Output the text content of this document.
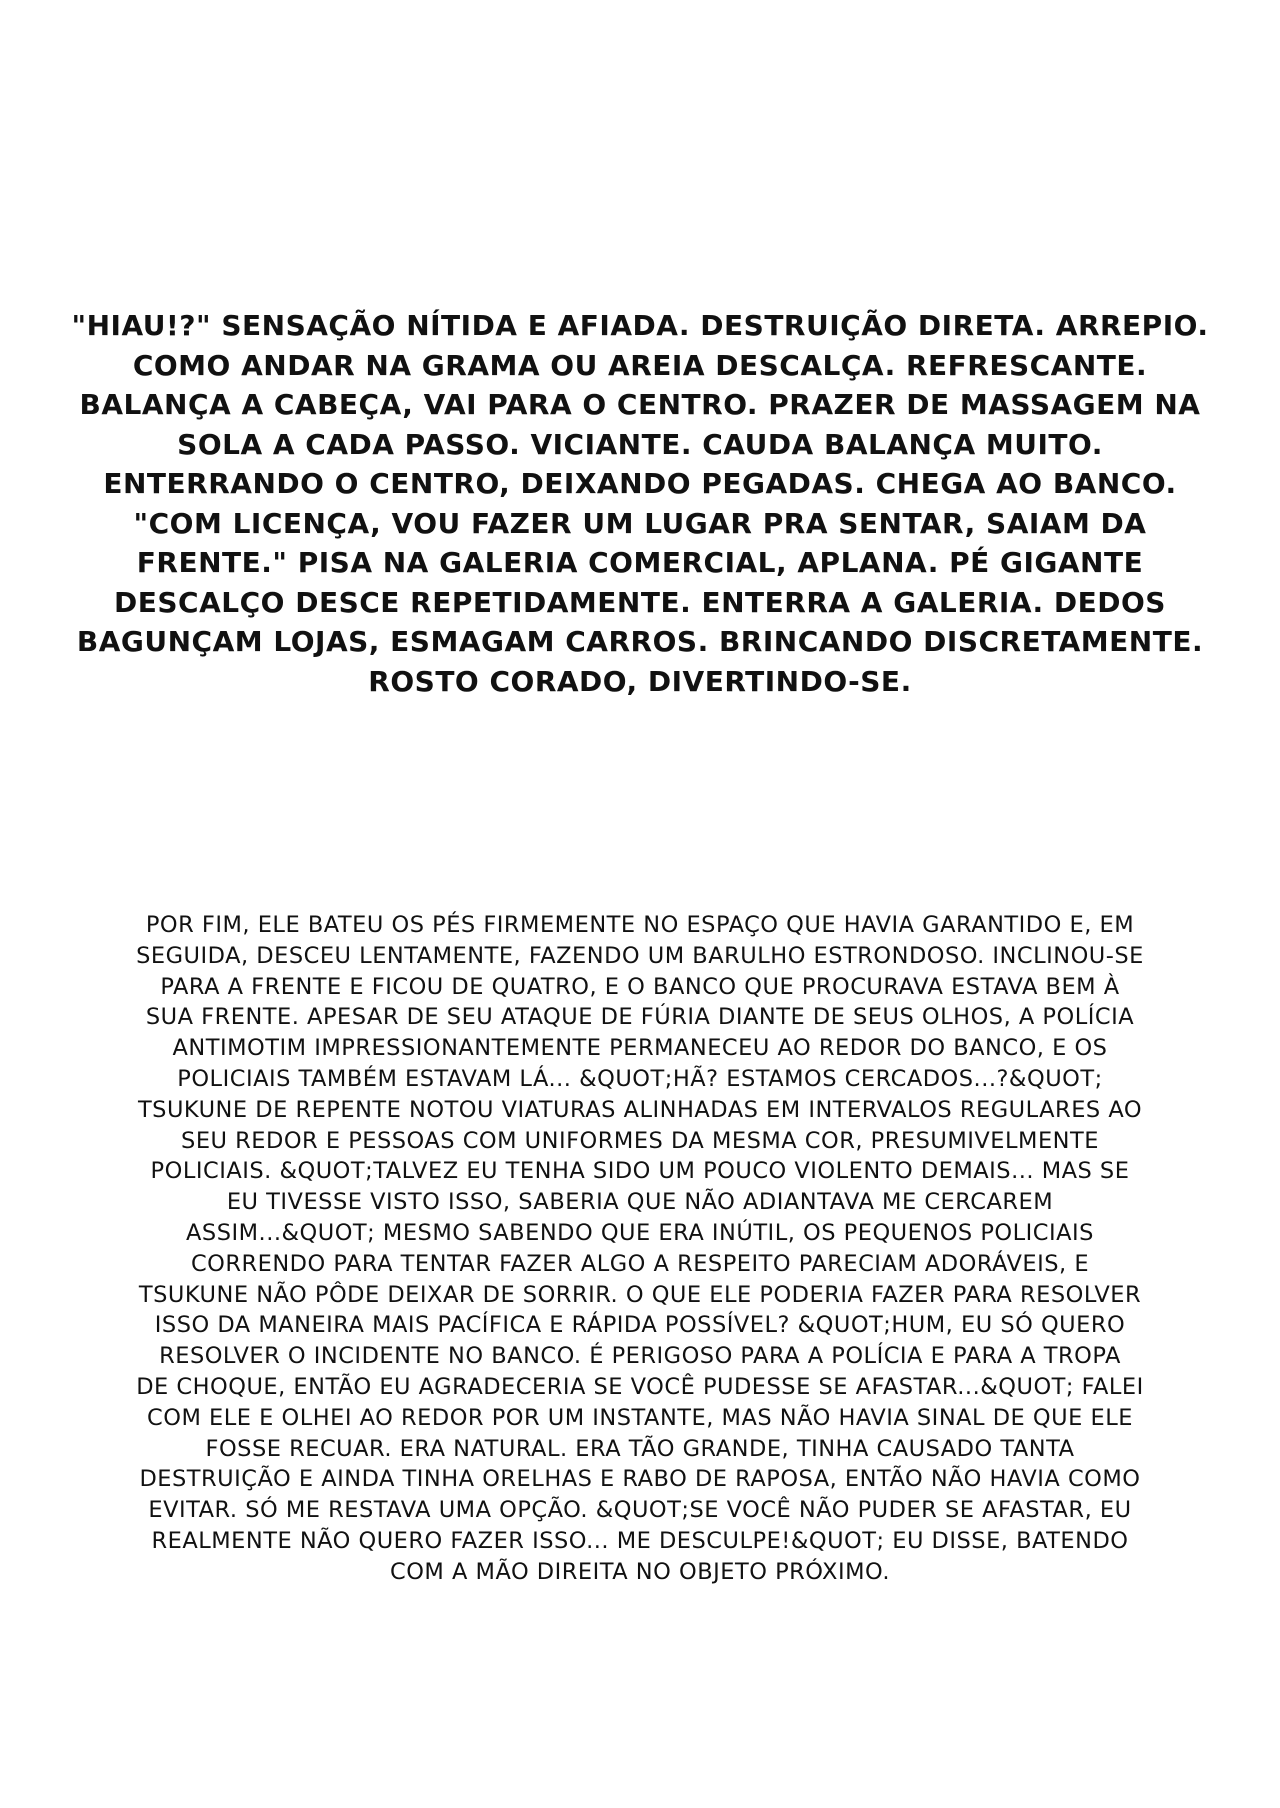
"HIAU!?" SENSAÇÃO NÍTIDA E AFIADA. DESTRUIÇÃO DIRETA. ARREPIO.
COMO ANDAR NA GRAMA OU AREIA DESCALÇA. REFRESCANTE.
BALANÇA A CABEÇA, VAI PARA O CENTRO. PRAZER DE MASSAGEM NA
SOLA A CADA PASSO. VICIANTE. CAUDA BALANÇA MUITO.
ENTERRANDO O CENTRO, DEIXANDO PEGADAS. CHEGA AO BANCO.
"COM LICENÇA, VOU FAZER UM LUGAR PRA SENTAR, SAIAM DA
FRENTE." PISA NA GALERIA COMERCIAL, APLANA. PÉ GIGANTE
DESCALÇO DESCE REPETIDAMENTE. ENTERRA A GALERIA. DEDOS
BAGUNÇAM LOJAS, ESMAGAM CARROS. BRINCANDO DISCRETAMENTE.
ROSTO CORADO, DIVERTINDO-SE.
POR FIM, ELE BATEU OS PÉS FIRMEMENTE NO ESPAÇO QUE HAVIA GARANTIDO E, EM
SEGUIDA, DESCEU LENTAMENTE, FAZENDO UM BARULHO ESTRONDOSO. INCLINOU-SE
PARA A FRENTE E FICOU DE QUATRO, E O BANCO QUE PROCURAVA ESTAVA BEM À
SUA FRENTE. APESAR DE SEU ATAQUE DE FÚRIA DIANTE DE SEUS OLHOS, A POLÍCIA
ANTIMOTIM IMPRESSIONANTEMENTE PERMANECEU AO REDOR DO BANCO, E OS
POLICIAIS TAMBÉM ESTAVAM LÁ... &QUOT;HÃ? ESTAMOS CERCADOS...?&QUOT;
TSUKUNE DE REPENTE NOTOU VIATURAS ALINHADAS EM INTERVALOS REGULARES AO
SEU REDOR E PESSOAS COM UNIFORMES DA MESMA COR, PRESUMIVELMENTE
POLICIAIS. &QUOT;TALVEZ EU TENHA SIDO UM POUCO VIOLENTO DEMAIS... MAS SE
EU TIVESSE VISTO ISSO, SABERIA QUE NÃO ADIANTAVA ME CERCAREM
ASSIM...&QUOT; MESMO SABENDO QUE ERA INÚTIL, OS PEQUENOS POLICIAIS
CORRENDO PARA TENTAR FAZER ALGO A RESPEITO PARECIAM ADORÁVEIS, E
TSUKUNE NÃO PÔDE DEIXAR DE SORRIR. O QUE ELE PODERIA FAZER PARA RESOLVER
ISSO DA MANEIRA MAIS PACÍFICA E RÁPIDA POSSÍVEL? &QUOT;HUM, EU SÓ QUERO
RESOLVER O INCIDENTE NO BANCO. É PERIGOSO PARA A POLÍCIA E PARA A TROPA
DE CHOQUE, ENTÃO EU AGRADECERIA SE VOCÊ PUDESSE SE AFASTAR...&QUOT; FALEI
COM ELE E OLHEI AO REDOR POR UM INSTANTE, MAS NÃO HAVIA SINAL DE QUE ELE
FOSSE RECUAR. ERA NATURAL. ERA TÃO GRANDE, TINHA CAUSADO TANTA
DESTRUIÇÃO E AINDA TINHA ORELHAS E RABO DE RAPOSA, ENTÃO NÃO HAVIA COMO
EVITAR. SÓ ME RESTAVA UMA OPÇÃO. &QUOT;SE VOCÊ NÃO PUDER SE AFASTAR, EU
REALMENTE NÃO QUERO FAZER ISSO... ME DESCULPE!&QUOT; EU DISSE, BATENDO
COM A MÃO DIREITA NO OBJETO PRÓXIMO.
